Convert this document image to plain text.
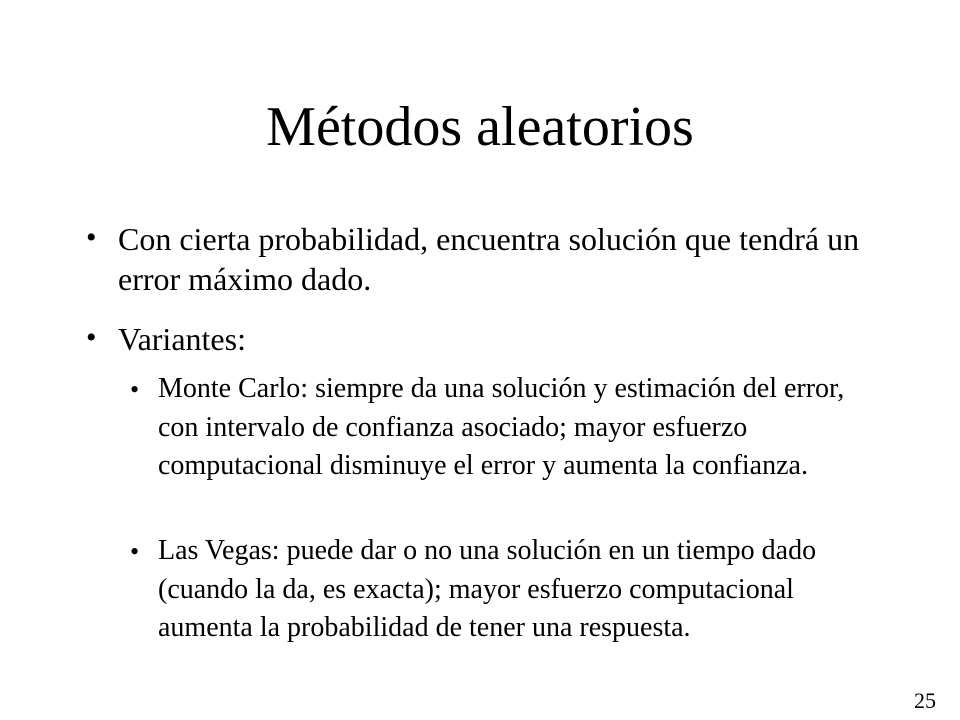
Métodos aleatorios
• Con cierta probabilidad, encuentra solución que tendrá un error máximo dado.
• Variantes:
• Monte Carlo: siempre da una solución y estimación del error, con intervalo de confianza asociado; mayor esfuerzo computacional disminuye el error y aumenta la confianza.
• Las Vegas: puede dar o no una solución en un tiempo dado (cuando la da, es exacta); mayor esfuerzo computacional aumenta la probabilidad de tener una respuesta.
25
